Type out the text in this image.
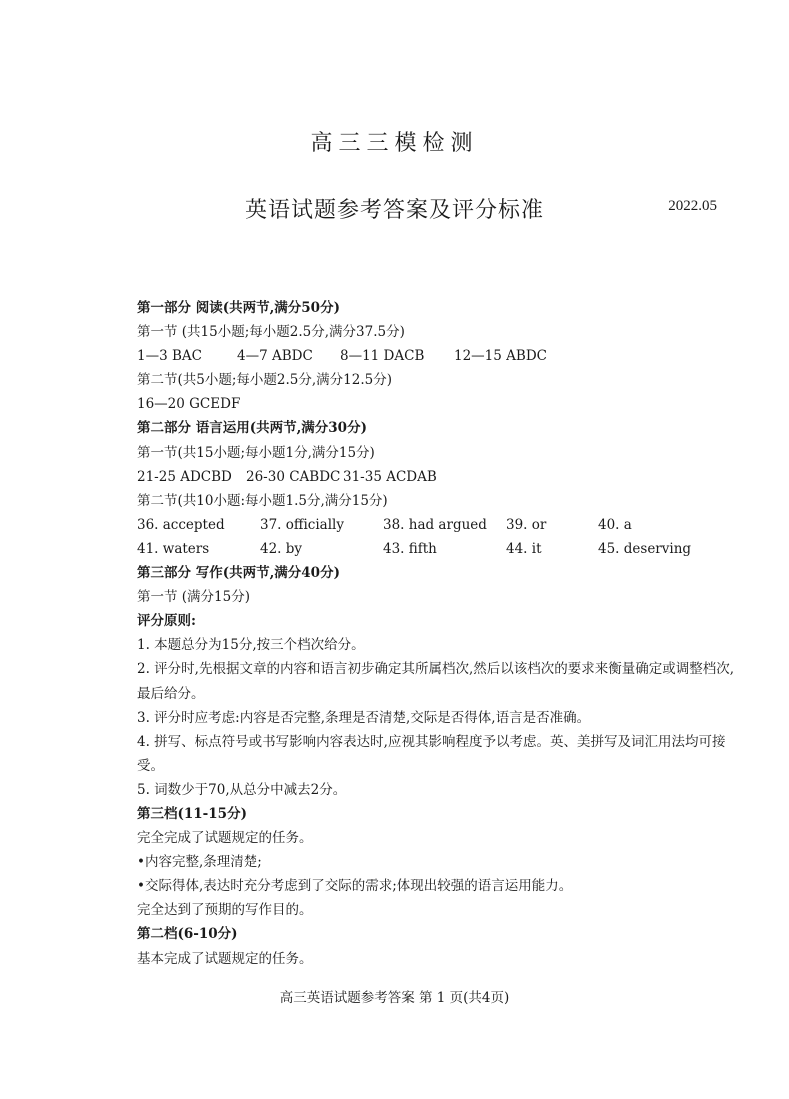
高三三模检测
英语试题参考答案及评分标准	2022.05
第一部分 阅读(共两节,满分50分)
第一节 (共15小题;每小题2.5分,满分37.5分)
1—3 BAC	4—7 ABDC	8—11 DACB	12—15 ABDC
第二节(共5小题;每小题2.5分,满分12.5分)
16—20 GCEDF
第二部分 语言运用(共两节,满分30分)
第一节(共15小题;每小题1分,满分15分)
21-25 ADCBD	26-30 CABDC 31-35 ACDAB
第二节(共10小题:每小题1.5分,满分15分)
36. accepted	37. officially	38. had argued	39. or	40. a
41. waters	42. by	43. fifth	44. it	45. deserving
第三部分 写作(共两节,满分40分)
第一节 (满分15分)
评分原则:
1. 本题总分为15分,按三个档次给分。
2. 评分时,先根据文章的内容和语言初步确定其所属档次,然后以该档次的要求来衡量确定或调整档次,最后给分。
3. 评分时应考虑:内容是否完整,条理是否清楚,交际是否得体,语言是否准确。
4. 拼写、标点符号或书写影响内容表达时,应视其影响程度予以考虑。英、美拼写及词汇用法均可接受。
5. 词数少于70,从总分中减去2分。
第三档(11-15分)
完全完成了试题规定的任务。
•内容完整,条理清楚;
•交际得体,表达时充分考虑到了交际的需求;体现出较强的语言运用能力。
完全达到了预期的写作目的。
第二档(6-10分)
基本完成了试题规定的任务。
高三英语试题参考答案 第 1 页(共4页)
